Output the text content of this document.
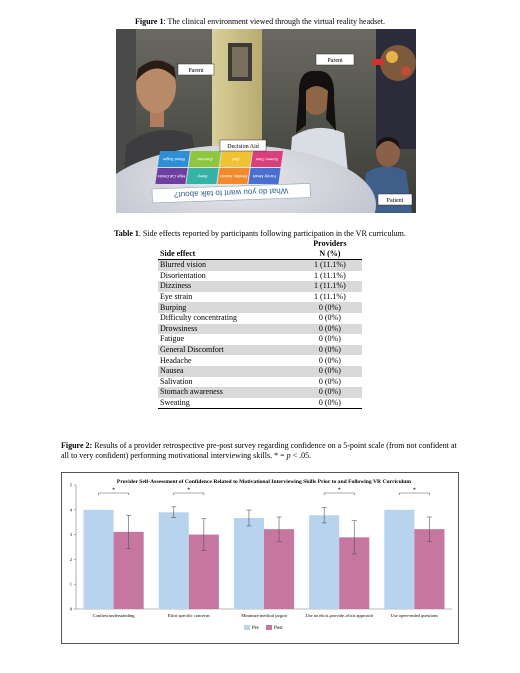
Figure 1: The clinical environment viewed through the virtual reality headset.
Blood Sugar	Exercise	Diet	Screen Time
High Cal Drinks	Sleep	Healthy Snacks Family Meals
What do you want to talk about?
Parent
Parent
Decision Aid
Patient
Table 1. Side effects reported by participants following participation in the VR curriculum.
Side effect	Providers
N (%)
Blurred vision	1 (11.1%)
Disorientation	1 (11.1%)
Dizziness	1 (11.1%)
Eye strain	1 (11.1%)
Burping	0 (0%)
Difficulty concentrating	0 (0%)
Drowsiness	0 (0%)
Fatigue	0 (0%)
General Discomfort	0 (0%)
Headache	0 (0%)
Nausea	0 (0%)
Salivation	0 (0%)
Stomach awareness	0 (0%)
Sweating	0 (0%)
Figure 2: Results of a provider retrospective pre-post survey regarding confidence on a 5-point scale (from not confident at all to very confident) performing motivational interviewing skills. * = p < .05.
Provider Self-Assessment of Confidence Related to Motivational Interviewing Skills Prior to and Following VR Curriculum
0
1
2
3
4
5
*
Confirm understanding
*
Elicit specific concerns	Minimize medical jargon
*
Use an elicit–provide–elicit approach
*
Use open-ended questions
Pre	Post
